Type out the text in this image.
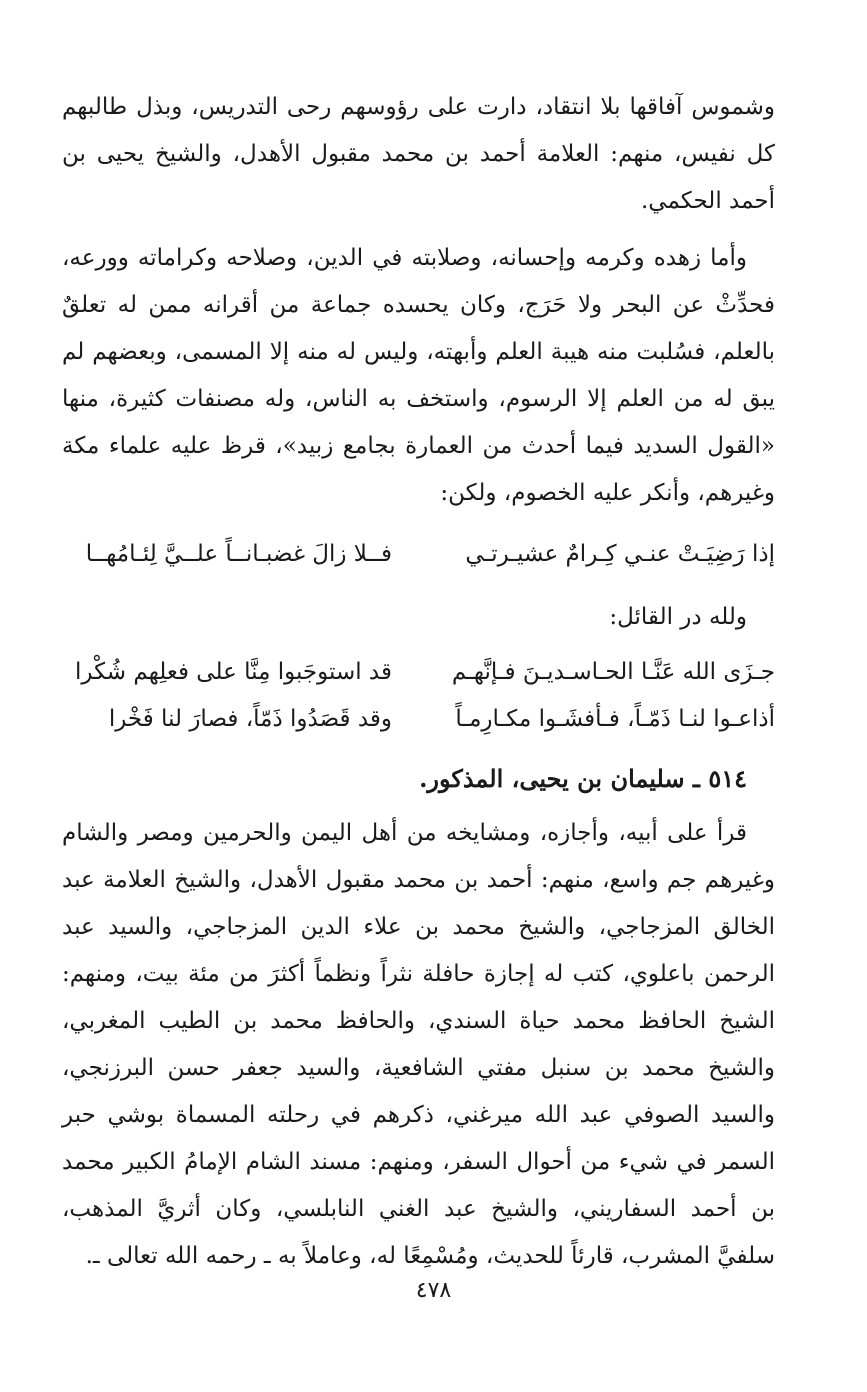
وشموس آفاقها بلا انتقاد، دارت على رؤوسهم رحى التدريس، وبذل طالبهم كل نفيس، منهم: العلامة أحمد بن محمد مقبول الأهدل، والشيخ يحيى بن أحمد الحكمي.

وأما زهده وكرمه وإحسانه، وصلابته في الدين، وصلاحه وكراماته وورعه، فحدِّثْ عن البحر ولا حَرَج، وكان يحسده جماعة من أقرانه ممن له تعلقٌ بالعلم، فسُلبت منه هيبة العلم وأبهته، وليس له منه إلا المسمى، وبعضهم لم يبق له من العلم إلا الرسوم، واستخف به الناس، وله مصنفات كثيرة، منها «القول السديد فيما أحدث من العمارة بجامع زبيد»، قرظ عليه علماء مكة وغيرهم، وأنكر عليه الخصوم، ولكن:

إذا رَضِيَـتْ عنـي كِـرامٌ عشيـرتـي
فــلا زالَ غضبـانــاً علــيَّ لِئـامُهــا

ولله در القائل:

جـزَى الله عَنَّـا الحـاسـديـنَ فـإنَّهـم
قد استوجَبوا مِنَّا على فعلِهم شُكْرا
أذاعـوا لنـا ذَمّـاً، فـأفشَـوا مكـارِمـاً
وقد قَصَدُوا ذَمّاً، فصارَ لنا فَخْرا

٥١٤ ـ سليمان بن يحيى، المذكور.

قرأ على أبيه، وأجازه، ومشايخه من أهل اليمن والحرمين ومصر والشام وغيرهم جم واسع، منهم: أحمد بن محمد مقبول الأهدل، والشيخ العلامة عبد الخالق المزجاجي، والشيخ محمد بن علاء الدين المزجاجي، والسيد عبد الرحمن باعلوي، كتب له إجازة حافلة نثراً ونظماً أكثرَ من مئة بيت، ومنهم: الشيخ الحافظ محمد حياة السندي، والحافظ محمد بن الطيب المغربي، والشيخ محمد بن سنبل مفتي الشافعية، والسيد جعفر حسن البرزنجي، والسيد الصوفي عبد الله ميرغني، ذكرهم في رحلته المسماة بوشي حبر السمر في شيء من أحوال السفر، ومنهم: مسند الشام الإمامُ الكبير محمد بن أحمد السفاريني، والشيخ عبد الغني النابلسي، وكان أثريَّ المذهب، سلفيَّ المشرب، قارئاً للحديث، ومُسْمِعًا له، وعاملاً به ـ رحمه الله تعالى ـ.

٤٧٨
